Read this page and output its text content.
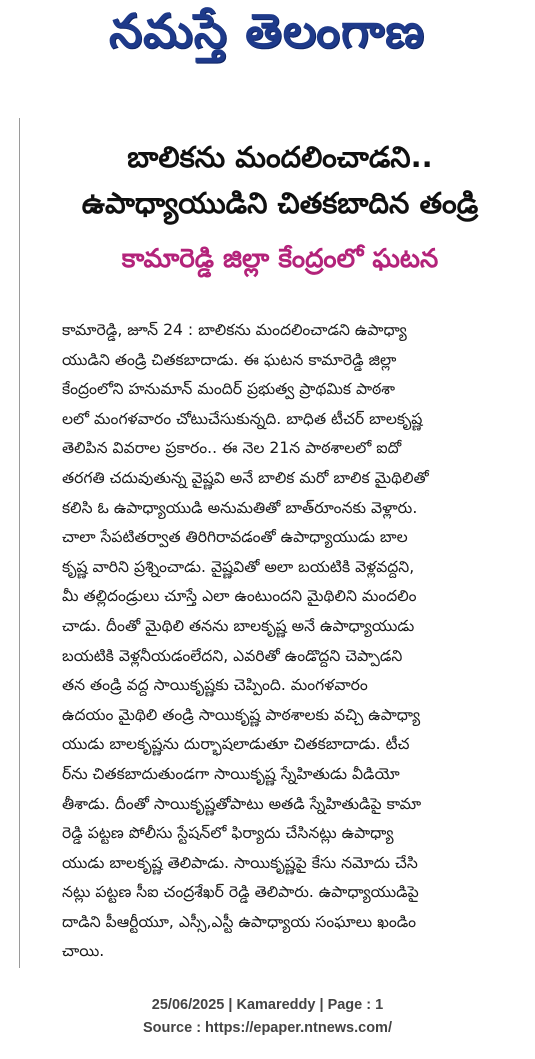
నమస్తే తెలంగాణ
బాలికను మందలించాడని..
ఉపాధ్యాయుడిని చితకబాదిన తండ్రి
కామారెడ్డి జిల్లా కేంద్రంలో ఘటన
కామారెడ్డి, జూన్ 24 : బాలికను మందలించాడని ఉపాధ్యా
యుడిని తండ్రి చితకబాదాడు. ఈ ఘటన కామారెడ్డి జిల్లా
కేంద్రంలోని హనుమాన్ మందిర్ ప్రభుత్వ ప్రాథమిక పాఠశా
లలో మంగళవారం చోటుచేసుకున్నది. బాధిత టీచర్ బాలకృష్ణ
తెలిపిన వివరాల ప్రకారం.. ఈ నెల 21న పాఠశాలలో ఐదో
తరగతి చదువుతున్న వైష్ణవి అనే బాలిక మరో బాలిక మైథిలితో
కలిసి ఓ ఉపాధ్యాయుడి అనుమతితో బాత్‌రూంనకు వెళ్లారు.
చాలా సేపటితర్వాత తిరిగిరావడంతో ఉపాధ్యాయుడు బాల
కృష్ణ వారిని ప్రశ్నించాడు. వైష్ణవితో అలా బయటికి వెళ్లవద్దని,
మీ తల్లిదండ్రులు చూస్తే ఎలా ఉంటుందని మైథిలిని మందలిం
చాడు. దీంతో మైథిలి తనను బాలకృష్ణ అనే ఉపాధ్యాయుడు
బయటికి వెళ్లనీయడంలేదని, ఎవరితో ఉండొద్దని చెప్పాడని
తన తండ్రి వద్ద సాయికృష్ణకు చెప్పింది. మంగళవారం
ఉదయం మైథిలి తండ్రి సాయికృష్ణ పాఠశాలకు వచ్చి ఉపాధ్యా
యుడు బాలకృష్ణను దుర్భాషలాడుతూ చితకబాదాడు. టీచ
ర్‌ను చితకబాదుతుండగా సాయికృష్ణ స్నేహితుడు వీడియో
తీశాడు. దీంతో సాయికృష్ణతోపాటు అతడి స్నేహితుడిపై కామా
రెడ్డి పట్టణ పోలీసు స్టేషన్‌లో ఫిర్యాదు చేసినట్లు ఉపాధ్యా
యుడు బాలకృష్ణ తెలిపాడు. సాయికృష్ణపై కేసు నమోదు చేసి
నట్లు పట్టణ సీఐ చంద్రశేఖర్ రెడ్డి తెలిపారు. ఉపాధ్యాయుడిపై
దాడిని పీఆర్టీయూ, ఎస్సీ,ఎస్టీ ఉపాధ్యాయ సంఘాలు ఖండిం
చాయి.
25/06/2025 | Kamareddy | Page : 1
Source : https://epaper.ntnews.com/
